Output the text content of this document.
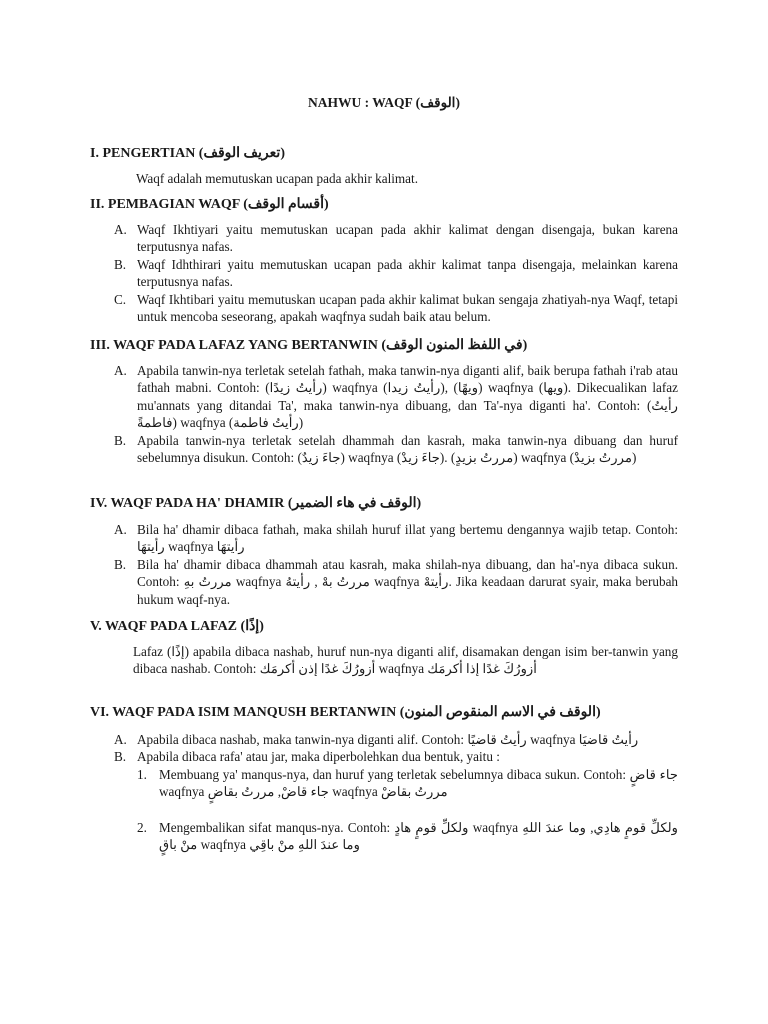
NAHWU : WAQF (الوقف)
I. PENGERTIAN (تعريف الوقف)
Waqf adalah memutuskan ucapan pada akhir kalimat.
II. PEMBAGIAN WAQF (أقسام الوقف)
A. Waqf Ikhtiyari yaitu memutuskan ucapan pada akhir kalimat dengan disengaja, bukan karena terputusnya nafas.
B. Waqf Idhthirari yaitu memutuskan ucapan pada akhir kalimat tanpa disengaja, melainkan karena terputusnya nafas.
C. Waqf Ikhtibari yaitu memutuskan ucapan pada akhir kalimat bukan sengaja zhatiyah-nya Waqf, tetapi untuk mencoba seseorang, apakah waqfnya sudah baik atau belum.
III. WAQF PADA LAFAZ YANG BERTANWIN (في اللفظ المنون الوقف)
A. Apabila tanwin-nya terletak setelah fathah, maka tanwin-nya diganti alif, baik berupa fathah i'rab atau fathah mabni. Contoh: (رأيتُ زيدًا) waqfnya (رأيتُ زيدا), (ويهًا) waqfnya (ويها). Dikecualikan lafaz mu'annats yang ditandai Ta', maka tanwin-nya dibuang, dan Ta'-nya diganti ha'. Contoh: (رأيتُ فاطمةً) waqfnya (رأيتُ فاطمة)
B. Apabila tanwin-nya terletak setelah dhammah dan kasrah, maka tanwin-nya dibuang dan huruf sebelumnya disukun. Contoh: (جاءَ زيدٌ) waqfnya (جاءَ زيدْ). (مررتُ بزيدٍ) waqfnya (مررتُ بزيدْ)
IV. WAQF PADA HA' DHAMIR (الوقف في هاء الضمير)
A. Bila ha' dhamir dibaca fathah, maka shilah huruf illat yang bertemu dengannya wajib tetap. Contoh: رأيتهَا waqfnya رأيتهَا
B. Bila ha' dhamir dibaca dhammah atau kasrah, maka shilah-nya dibuang, dan ha'-nya dibaca sukun. Contoh: مررتُ بهِ waqfnya مررتُ بهْ , رأيتهُ waqfnya رأيتهْ. Jika keadaan darurat syair, maka berubah hukum waqf-nya.
V. WAQF PADA LAFAZ (إذًا)
Lafaz (إذًا) apabila dibaca nashab, huruf nun-nya diganti alif, disamakan dengan isim ber-tanwin yang dibaca nashab. Contoh: أزورُكَ غدًا إذن أكرمَك waqfnya أزورُكَ غدًا إذا أكرمَك
VI. WAQF PADA ISIM MANQUSH BERTANWIN (الوقف في الاسم المنقوص المنون)
A. Apabila dibaca nashab, maka tanwin-nya diganti alif. Contoh: رأيتُ قاضيًا waqfnya رأيتُ قاضيَا
B. Apabila dibaca rafa' atau jar, maka diperbolehkan dua bentuk, yaitu :
1. Membuang ya' manqus-nya, dan huruf yang terletak sebelumnya dibaca sukun. Contoh: جاء قاضٍ waqfnya جاء قاضْ, مررتُ بقاضٍ waqfnya مررتُ بقاضْ
2. Mengembalikan sifat manqus-nya. Contoh: ولكلِّ قومٍ هادٍ waqfnya ولكلِّ قومٍ هادِي, وما عندَ اللهِ منْ باقٍ waqfnya وما عندَ اللهِ منْ باقِي
